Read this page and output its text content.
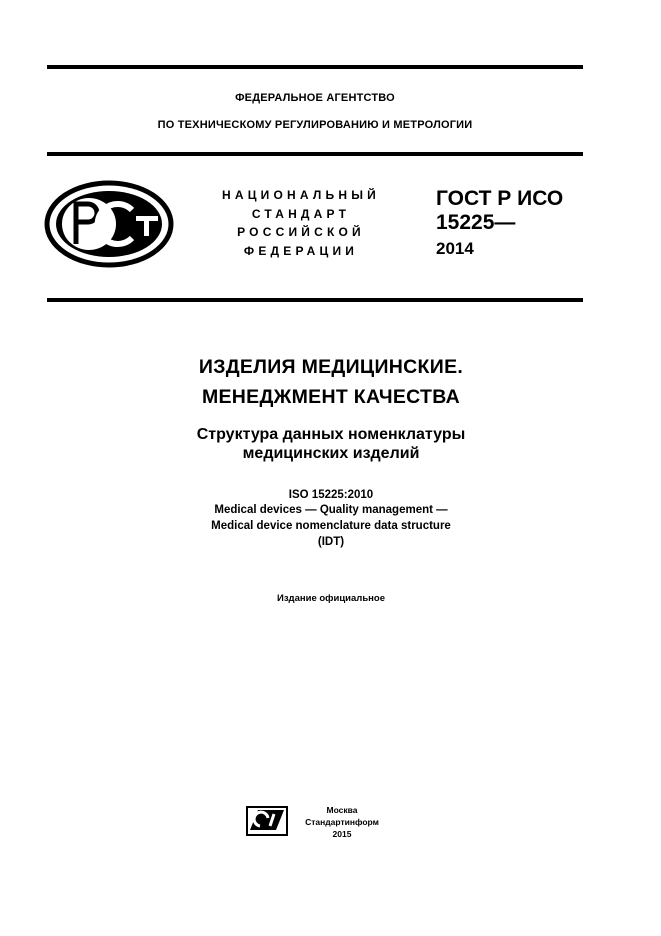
ФЕДЕРАЛЬНОЕ АГЕНТСТВО
ПО ТЕХНИЧЕСКОМУ РЕГУЛИРОВАНИЮ И МЕТРОЛОГИИ
НАЦИОНАЛЬНЫЙ
СТАНДАРТ
РОССИЙСКОЙ
ФЕДЕРАЦИИ
ГОСТ Р ИСО
15225—
2014
ИЗДЕЛИЯ МЕДИЦИНСКИЕ.
МЕНЕДЖМЕНТ КАЧЕСТВА
Структура данных номенклатуры
медицинских изделий
ISO 15225:2010
Medical devices — Quality management —
Medical device nomenclature data structure
(IDT)
Издание официальное
Москва
Стандартинформ
2015
